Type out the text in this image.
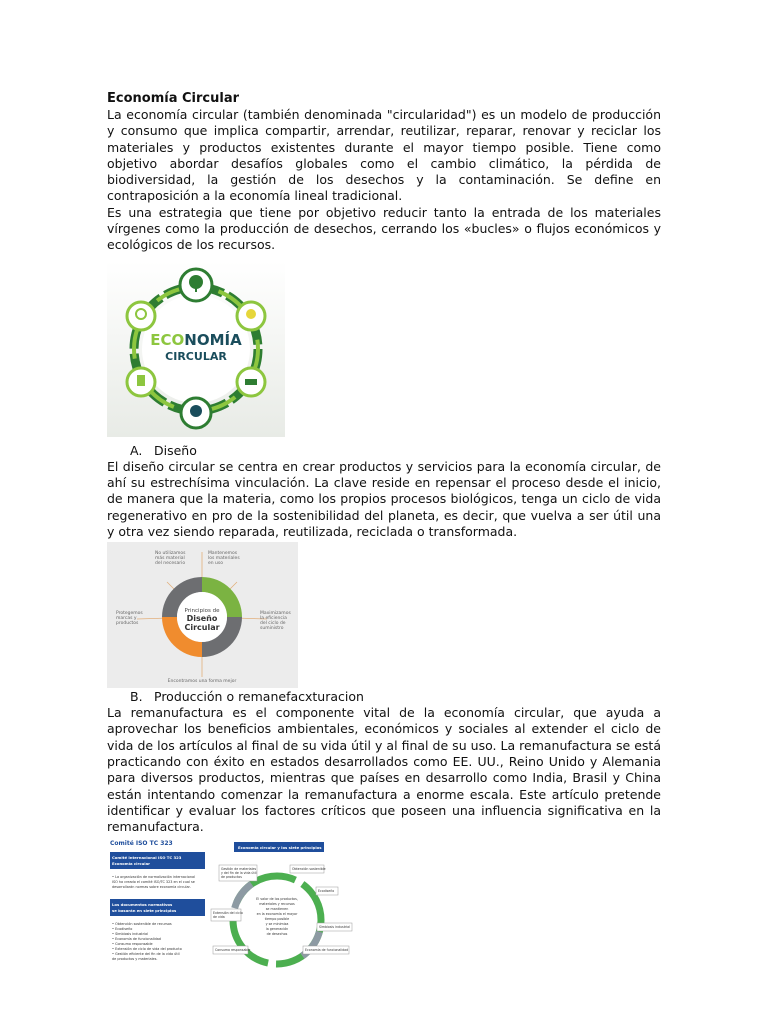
Economía Circular

La economía circular (también denominada "circularidad") es un modelo de producción y consumo que implica compartir, arrendar, reutilizar, reparar, renovar y reciclar los materiales y productos existentes durante el mayor tiempo posible. Tiene como objetivo abordar desafíos globales como el cambio climático, la pérdida de biodiversidad, la gestión de los desechos y la contaminación. Se define en contraposición a la economía lineal tradicional.

Es una estrategia que tiene por objetivo reducir tanto la entrada de los materiales vírgenes como la producción de desechos, cerrando los «bucles» o flujos económicos y ecológicos de los recursos.

ECONOMÍA
CIRCULAR

A. Diseño

El diseño circular se centra en crear productos y servicios para la economía circular, de ahí su estrechísima vinculación. La clave reside en repensar el proceso desde el inicio, de manera que la materia, como los propios procesos biológicos, tenga un ciclo de vida regenerativo en pro de la sostenibilidad del planeta, es decir, que vuelva a ser útil una y otra vez siendo reparada, reutilizada, reciclada o transformada.

Principios de
Diseño
Circular
No utilizamos
más material
del necesario
Mantenemos
los materiales
en uso
Protegemos
marcas y
productos
Maximizamos
la eficiencia
del ciclo de
suministro
Encontramos una forma mejor

B. Producción o remanefacxturacion

La remanufactura es el componente vital de la economía circular, que ayuda a aprovechar los beneficios ambientales, económicos y sociales al extender el ciclo de vida de los artículos al final de su vida útil y al final de su uso. La remanufactura se está practicando con éxito en estados desarrollados como EE. UU., Reino Unido y Alemania para diversos productos, mientras que países en desarrollo como India, Brasil y China están intentando comenzar la remanufactura a enorme escala. Este artículo pretende identificar y evaluar los factores críticos que poseen una influencia significativa en la remanufactura.

Comité ISO TC 323
Comité Internacional ISO TC 323
Economía circular
• La organización de normalización internacional
ISO ha creado el comité ISO/TC 323 en el cual se
desarrollarán normas sobre economía circular.
Los documentos normativos
se basarán en siete principios
• Obtención sostenible de recursos
• Ecodiseño
• Simbiosis industrial
• Economía de funcionalidad
• Consumo responsable
• Extensión de ciclo de vida del producto
• Gestión eficiente del fin de la vida útil
de productos y materiales.
Economía circular y los siete principios
El valor de los productos,
materiales y recursos
se mantienen
en la economía el mayor
tiempo posible
y se minimiza
la generación
de desechos
Obtención sostenible
Gestión de materiales
y del fin de la vida útil
de productos
Ecodiseño
Extensión del ciclo
de vida
Simbiosis industrial
Consumo responsable	Economía de funcionalidad
